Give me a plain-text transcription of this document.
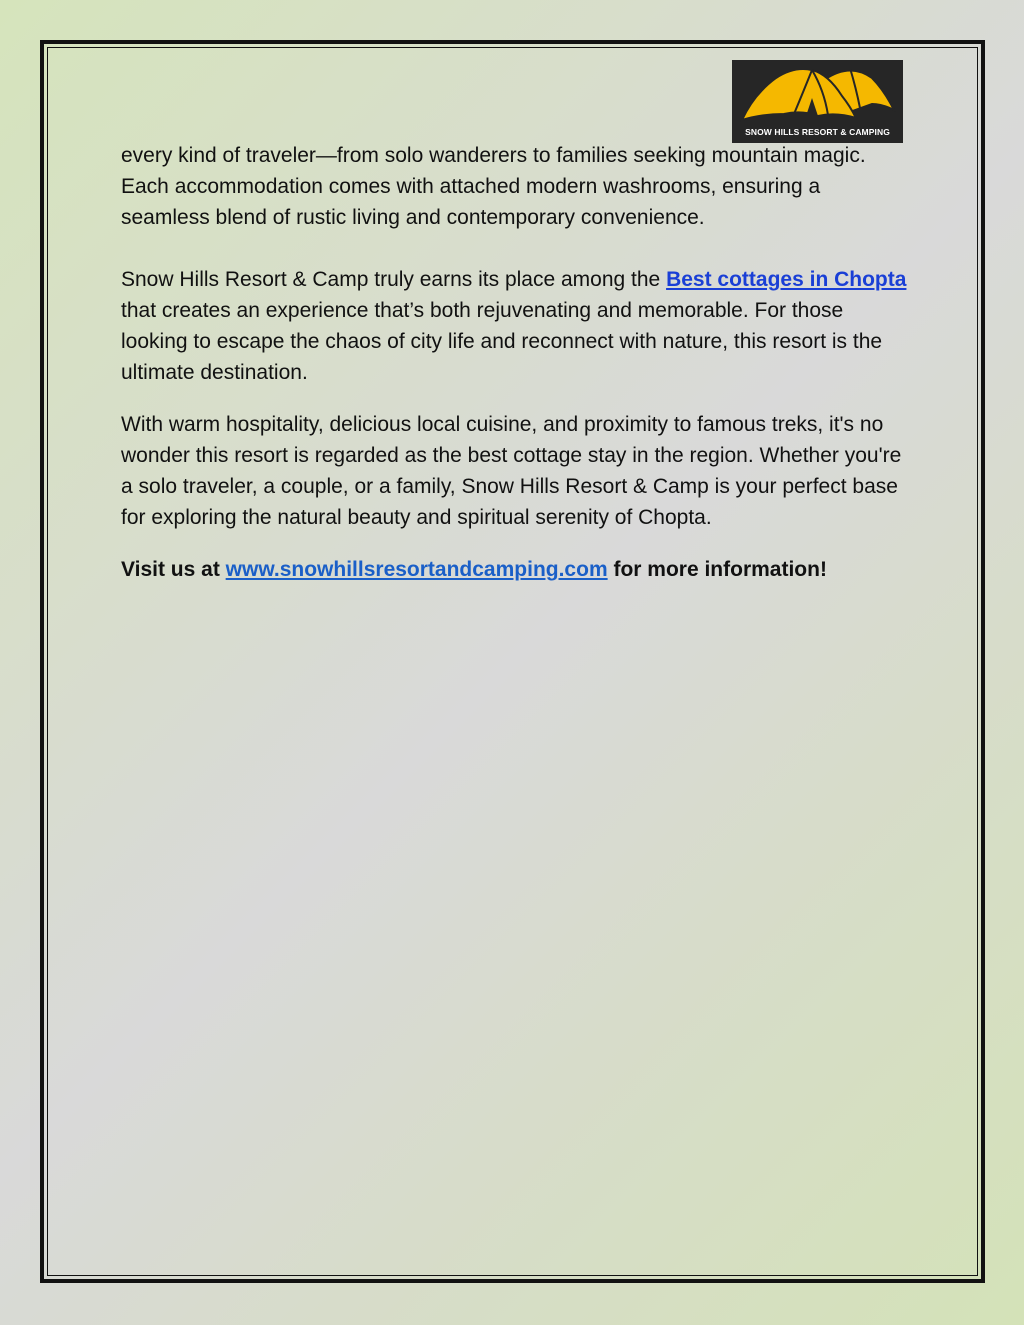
SNOW HILLS RESORT & CAMPING

every kind of traveler—from solo wanderers to families seeking mountain magic. Each accommodation comes with attached modern washrooms, ensuring a seamless blend of rustic living and contemporary convenience.

Snow Hills Resort & Camp truly earns its place among the Best cottages in Chopta that creates an experience that’s both rejuvenating and memorable. For those looking to escape the chaos of city life and reconnect with nature, this resort is the ultimate destination.

With warm hospitality, delicious local cuisine, and proximity to famous treks, it's no wonder this resort is regarded as the best cottage stay in the region. Whether you're a solo traveler, a couple, or a family, Snow Hills Resort & Camp is your perfect base for exploring the natural beauty and spiritual serenity of Chopta.

Visit us at www.snowhillsresortandcamping.com for more information!
